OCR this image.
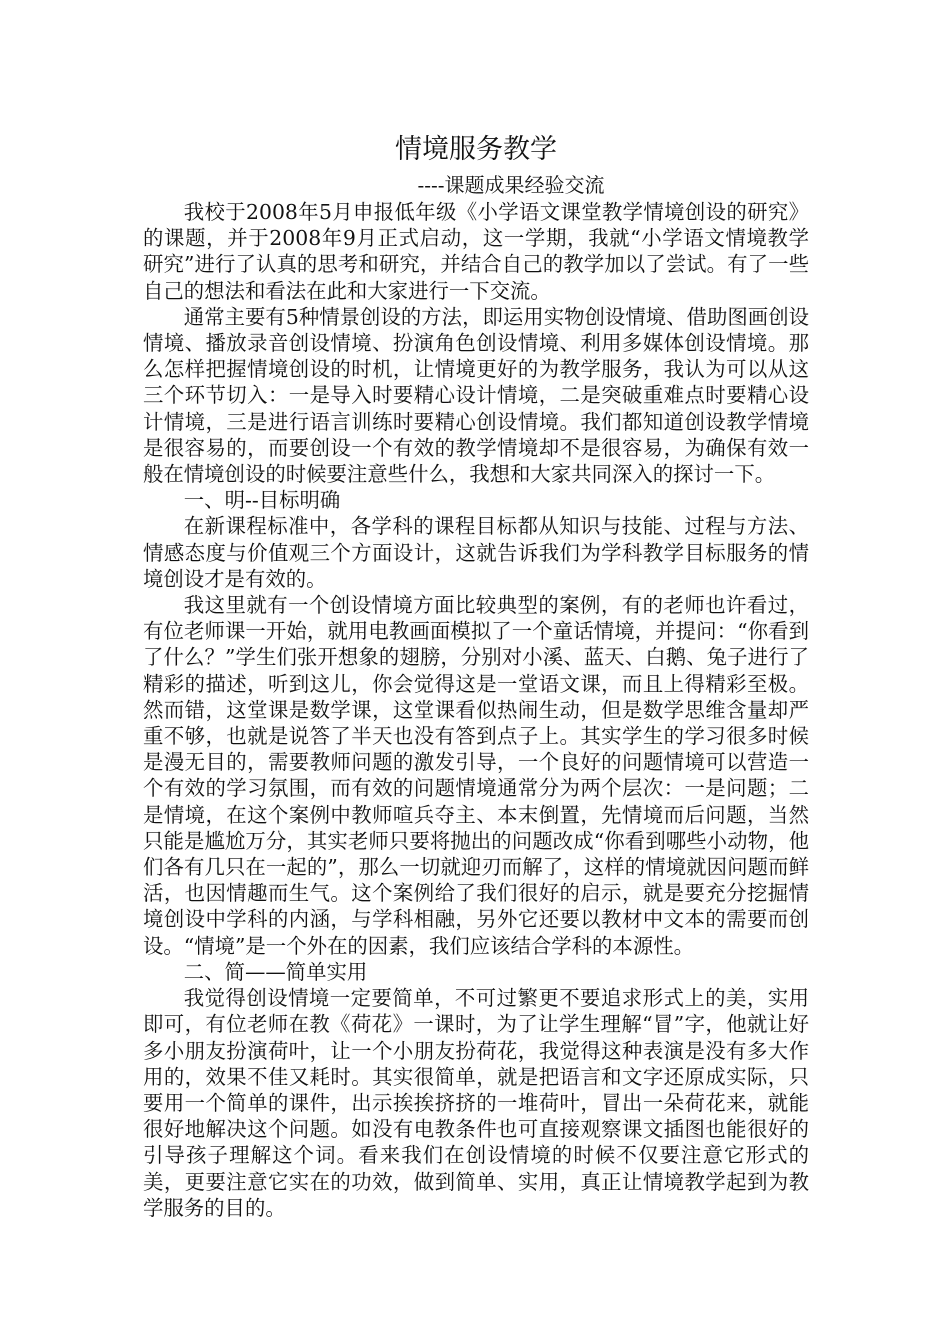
情境服务教学
----课题成果经验交流

我校于2008年5月申报低年级《小学语文课堂教学情境创设的研究》的课题，并于2008年9月正式启动，这一学期，我就“小学语文情境教学研究”进行了认真的思考和研究，并结合自己的教学加以了尝试。有了一些自己的想法和看法在此和大家进行一下交流。

通常主要有5种情景创设的方法，即运用实物创设情境、借助图画创设情境、播放录音创设情境、扮演角色创设情境、利用多媒体创设情境。那么怎样把握情境创设的时机，让情境更好的为教学服务，我认为可以从这三个环节切入：一是导入时要精心设计情境，二是突破重难点时要精心设计情境，三是进行语言训练时要精心创设情境。我们都知道创设教学情境是很容易的，而要创设一个有效的教学情境却不是很容易，为确保有效一般在情境创设的时候要注意些什么，我想和大家共同深入的探讨一下。

一、明--目标明确

在新课程标准中，各学科的课程目标都从知识与技能、过程与方法、情感态度与价值观三个方面设计，这就告诉我们为学科教学目标服务的情境创设才是有效的。

我这里就有一个创设情境方面比较典型的案例，有的老师也许看过，有位老师课一开始，就用电教画面模拟了一个童话情境，并提问：“你看到了什么？”学生们张开想象的翅膀，分别对小溪、蓝天、白鹅、兔子进行了精彩的描述，听到这儿，你会觉得这是一堂语文课，而且上得精彩至极。然而错，这堂课是数学课，这堂课看似热闹生动，但是数学思维含量却严重不够，也就是说答了半天也没有答到点子上。其实学生的学习很多时候是漫无目的，需要教师问题的激发引导，一个良好的问题情境可以营造一个有效的学习氛围，而有效的问题情境通常分为两个层次：一是问题；二是情境，在这个案例中教师喧兵夺主、本末倒置，先情境而后问题，当然只能是尴尬万分，其实老师只要将抛出的问题改成“你看到哪些小动物，他们各有几只在一起的”，那么一切就迎刃而解了，这样的情境就因问题而鲜活，也因情趣而生气。这个案例给了我们很好的启示，就是要充分挖掘情境创设中学科的内涵，与学科相融，另外它还要以教材中文本的需要而创设。“情境”是一个外在的因素，我们应该结合学科的本源性。

二、简——简单实用

我觉得创设情境一定要简单，不可过繁更不要追求形式上的美，实用即可，有位老师在教《荷花》一课时，为了让学生理解“冒”字，他就让好多小朋友扮演荷叶，让一个小朋友扮荷花，我觉得这种表演是没有多大作用的，效果不佳又耗时。其实很简单，就是把语言和文字还原成实际，只要用一个简单的课件，出示挨挨挤挤的一堆荷叶，冒出一朵荷花来，就能很好地解决这个问题。如没有电教条件也可直接观察课文插图也能很好的引导孩子理解这个词。看来我们在创设情境的时候不仅要注意它形式的美，更要注意它实在的功效，做到简单、实用，真正让情境教学起到为教学服务的目的。
